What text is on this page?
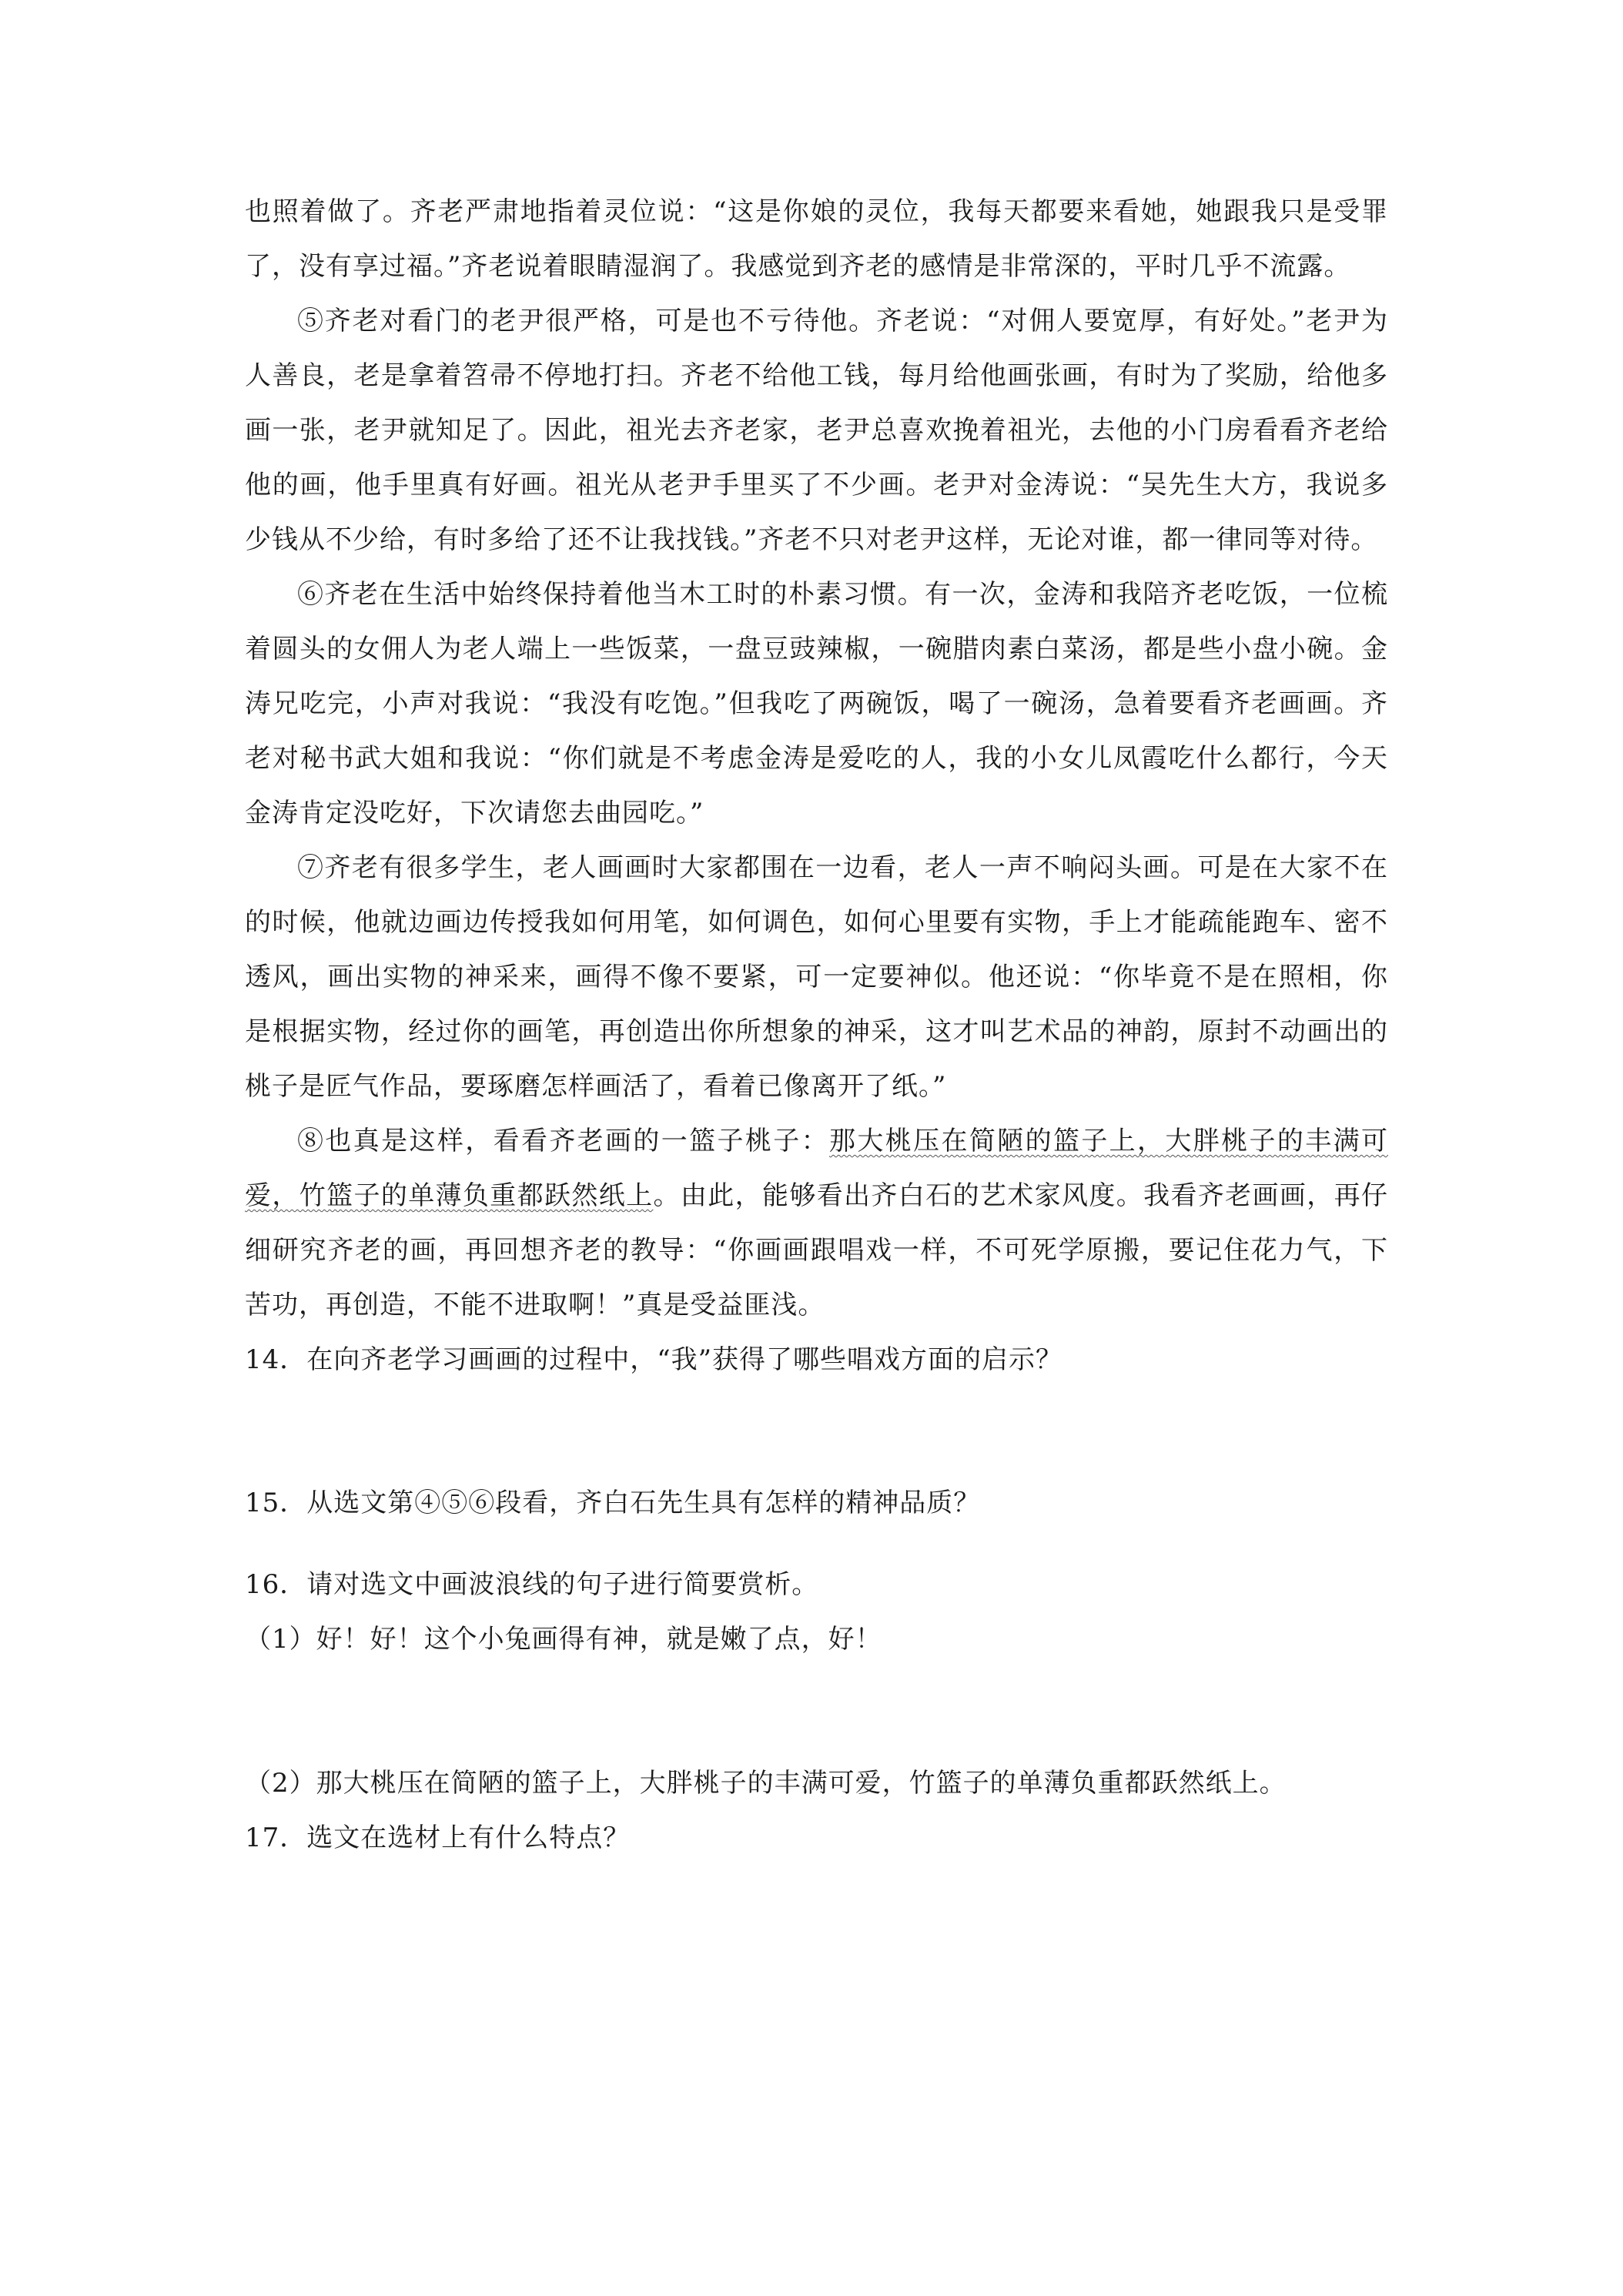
也照着做了。齐老严肃地指着灵位说：“这是你娘的灵位，我每天都要来看她，她跟我只是受罪了，没有享过福。”齐老说着眼睛湿润了。我感觉到齐老的感情是非常深的，平时几乎不流露。

⑤齐老对看门的老尹很严格，可是也不亏待他。齐老说：“对佣人要宽厚，有好处。”老尹为人善良，老是拿着笤帚不停地打扫。齐老不给他工钱，每月给他画张画，有时为了奖励，给他多画一张，老尹就知足了。因此，祖光去齐老家，老尹总喜欢挽着祖光，去他的小门房看看齐老给他的画，他手里真有好画。祖光从老尹手里买了不少画。老尹对金涛说：“吴先生大方，我说多少钱从不少给，有时多给了还不让我找钱。”齐老不只对老尹这样，无论对谁，都一律同等对待。

⑥齐老在生活中始终保持着他当木工时的朴素习惯。有一次，金涛和我陪齐老吃饭，一位梳着圆头的女佣人为老人端上一些饭菜，一盘豆豉辣椒，一碗腊肉素白菜汤，都是些小盘小碗。金涛兄吃完，小声对我说：“我没有吃饱。”但我吃了两碗饭，喝了一碗汤，急着要看齐老画画。齐老对秘书武大姐和我说：“你们就是不考虑金涛是爱吃的人，我的小女儿凤霞吃什么都行，今天金涛肯定没吃好，下次请您去曲园吃。”

⑦齐老有很多学生，老人画画时大家都围在一边看，老人一声不响闷头画。可是在大家不在的时候，他就边画边传授我如何用笔，如何调色，如何心里要有实物，手上才能疏能跑车、密不透风，画出实物的神采来，画得不像不要紧，可一定要神似。他还说：“你毕竟不是在照相，你是根据实物，经过你的画笔，再创造出你所想象的神采，这才叫艺术品的神韵，原封不动画出的桃子是匠气作品，要琢磨怎样画活了，看着已像离开了纸。”

⑧也真是这样，看看齐老画的一篮子桃子：那大桃压在简陋的篮子上，大胖桃子的丰满可爱，竹篮子的单薄负重都跃然纸上。由此，能够看出齐白石的艺术家风度。我看齐老画画，再仔细研究齐老的画，再回想齐老的教导：“你画画跟唱戏一样，不可死学原搬，要记住花力气，下苦功，再创造，不能不进取啊！”真是受益匪浅。

14．在向齐老学习画画的过程中，“我”获得了哪些唱戏方面的启示？

15．从选文第④⑤⑥段看，齐白石先生具有怎样的精神品质？

16．请对选文中画波浪线的句子进行简要赏析。

（1）好！好！这个小兔画得有神，就是嫩了点，好！

（2）那大桃压在简陋的篮子上，大胖桃子的丰满可爱，竹篮子的单薄负重都跃然纸上。

17．选文在选材上有什么特点？
